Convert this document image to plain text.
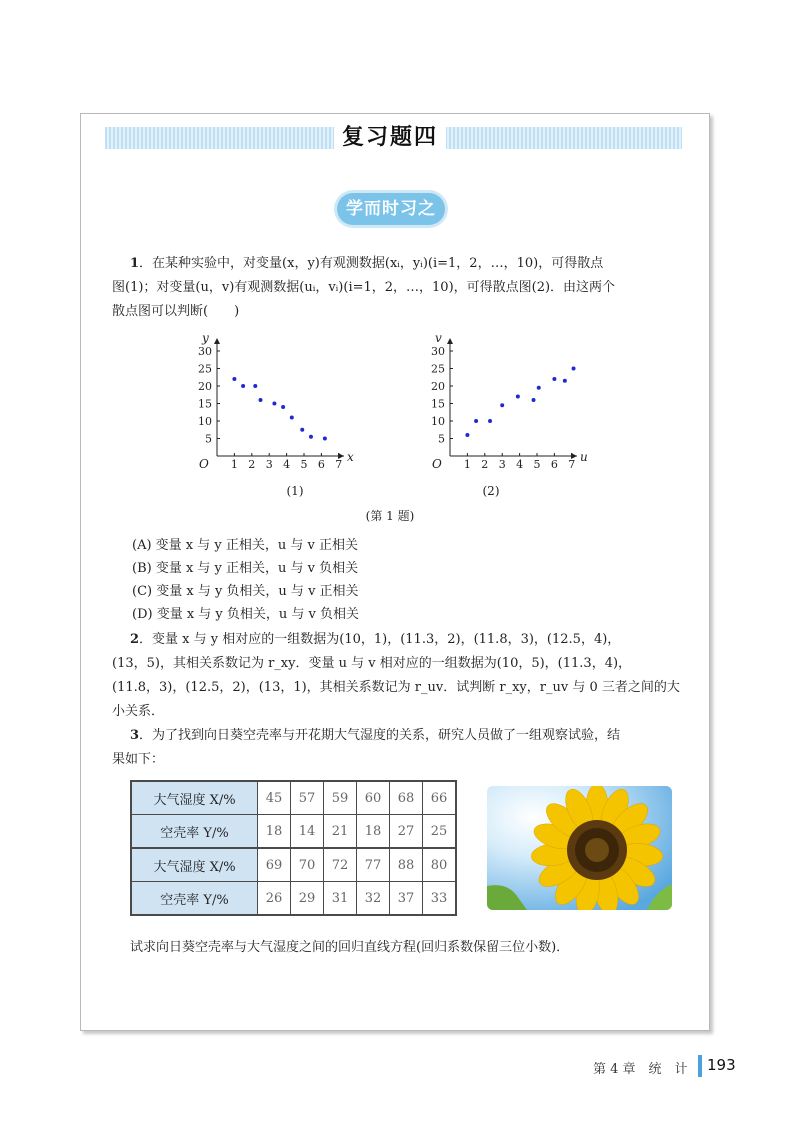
复习题四
学而时习之
1．在某种实验中，对变量(x，y)有观测数据(xᵢ，yᵢ)(i=1，2，…，10)，可得散点
图(1)；对变量(u，v)有观测数据(uᵢ，vᵢ)(i=1，2，…，10)，可得散点图(2)．由这两个
散点图可以判断(　　)
1 2 3 4 5 6 7
5
10
15
20
25
30
x
y
O	1 2 3 4 5 6 7
5
10
15
20
25
30
u
v
O
(1)	(2)
(第 1 题)
(A) 变量 x 与 y 正相关，u 与 v 正相关
(B) 变量 x 与 y 正相关，u 与 v 负相关
(C) 变量 x 与 y 负相关，u 与 v 正相关
(D) 变量 x 与 y 负相关，u 与 v 负相关
2．变量 x 与 y 相对应的一组数据为(10，1)，(11.3，2)，(11.8，3)，(12.5，4)，
(13，5)，其相关系数记为 r_xy．变量 u 与 v 相对应的一组数据为(10，5)，(11.3，4)，
(11.8，3)，(12.5，2)，(13，1)，其相关系数记为 r_uv．试判断 r_xy，r_uv 与 0 三者之间的大
小关系．
3．为了找到向日葵空壳率与开花期大气湿度的关系，研究人员做了一组观察试验，结
果如下：
大气湿度 X/%	45	57	59	60	68	66
空壳率 Y/%	18	14	21	18	27	25
大气湿度 X/%	69	70	72	77	88	80
空壳率 Y/%	26	29	31	32	37	33
试求向日葵空壳率与大气湿度之间的回归直线方程(回归系数保留三位小数)．
第 4 章　统　计 193
